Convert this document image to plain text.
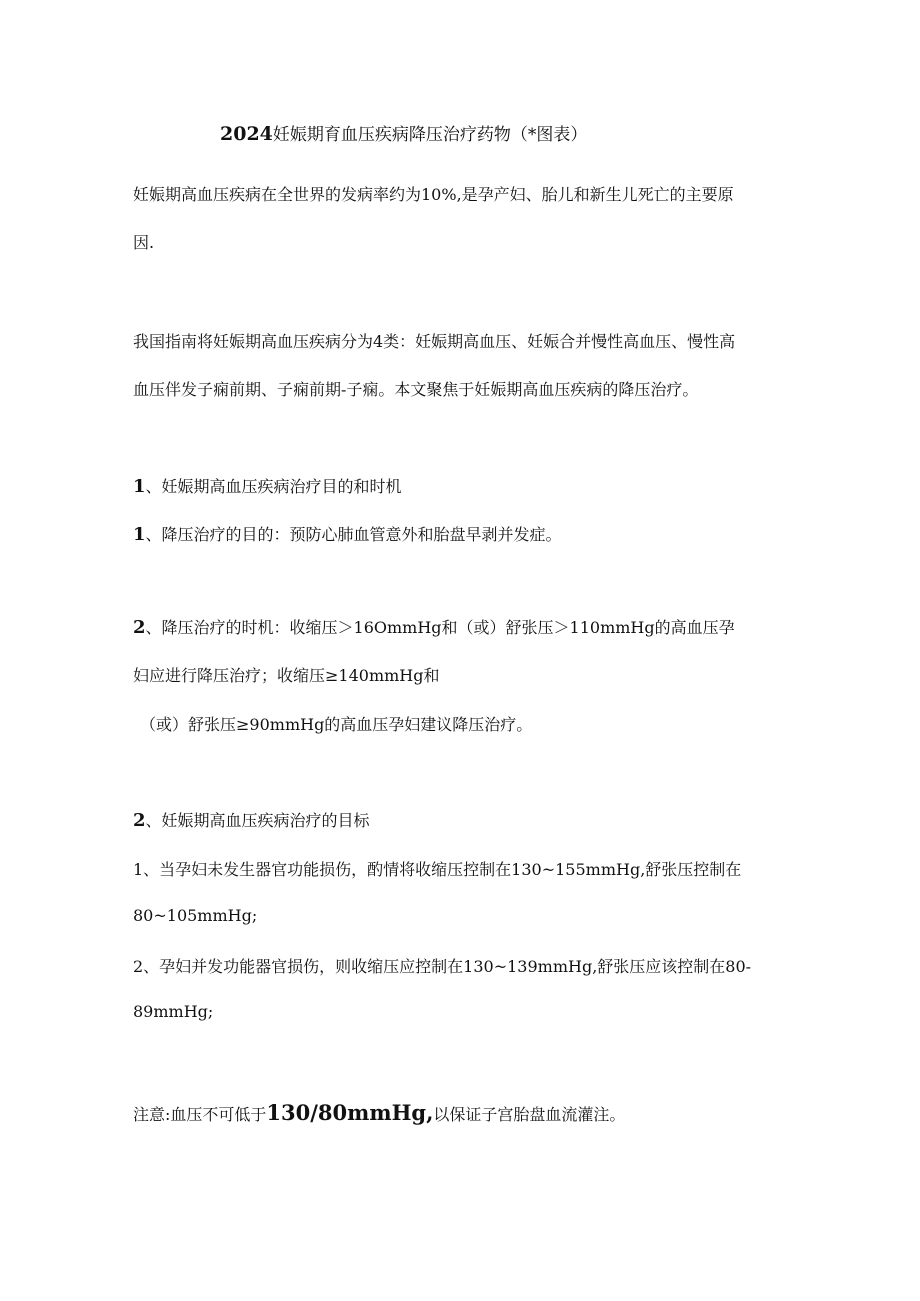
2024妊娠期育血压疾病降压治疗药物（*图表）
妊娠期高血压疾病在全世界的发病率约为10%,是孕产妇、胎儿和新生儿死亡的主要原
因.
我国指南将妊娠期高血压疾病分为4类：妊娠期高血压、妊娠合并慢性高血压、慢性高
血压伴发子痫前期、子痫前期-子痫。本文聚焦于妊娠期高血压疾病的降压治疗。
1、妊娠期高血压疾病治疗目的和时机
1、降压治疗的目的：预防心肺血管意外和胎盘早剥并发症。
2、降压治疗的时机：收缩压＞16OmmHg和（或）舒张压＞110mmHg的高血压孕
妇应进行降压治疗；收缩压≥140mmHg和
（或）舒张压≥90mmHg的高血压孕妇建议降压治疗。
2、妊娠期高血压疾病治疗的目标
1、当孕妇未发生器官功能损伤，酌情将收缩压控制在130~155mmHg,舒张压控制在
80~105mmHg;
2、孕妇并发功能器官损伤，则收缩压应控制在130~139mmHg,舒张压应该控制在80-
89mmHg;
注意:血压不可低于130/80mmHg,以保证子宫胎盘血流灌注。
